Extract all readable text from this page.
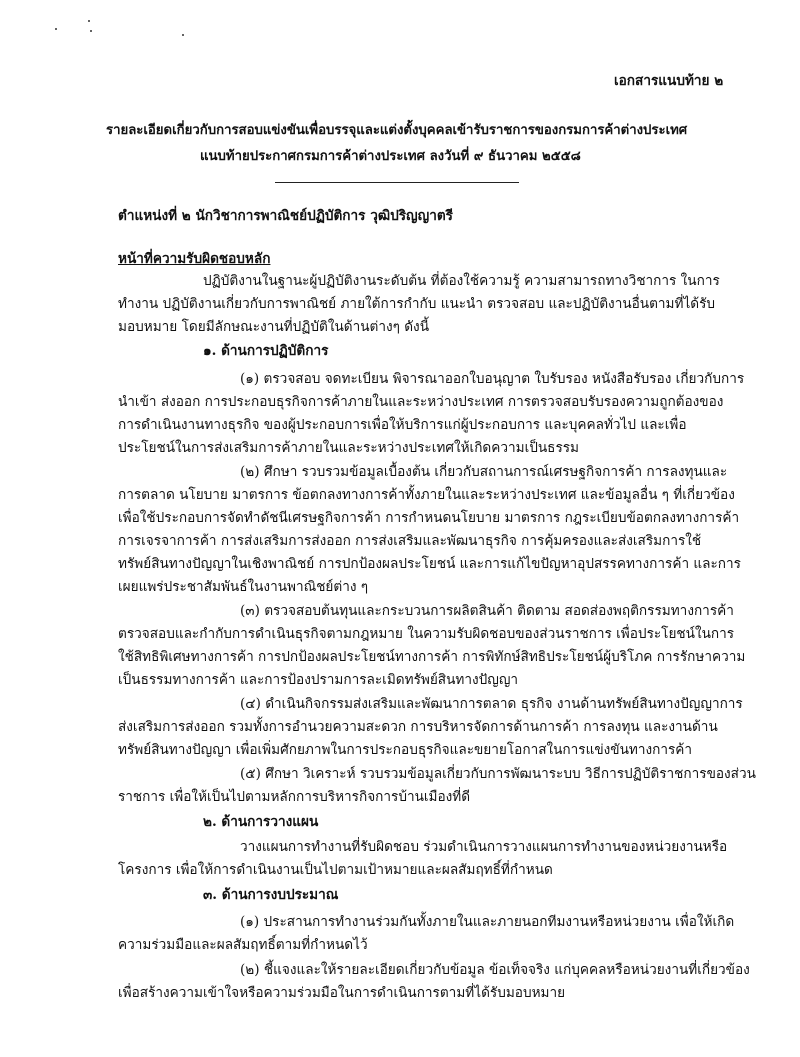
เอกสารแนบท้าย ๒
รายละเอียดเกี่ยวกับการสอบแข่งขันเพื่อบรรจุและแต่งตั้งบุคคลเข้ารับราชการของกรมการค้าต่างประเทศ
แนบท้ายประกาศกรมการค้าต่างประเทศ ลงวันที่ ๙ ธันวาคม ๒๕๕๘
ตำแหน่งที่ ๒ นักวิชาการพาณิชย์ปฏิบัติการ วุฒิปริญญาตรี
หน้าที่ความรับผิดชอบหลัก
ปฏิบัติงานในฐานะผู้ปฏิบัติงานระดับต้น ที่ต้องใช้ความรู้ ความสามารถทางวิชาการ ในการ
ทำงาน ปฏิบัติงานเกี่ยวกับการพาณิชย์ ภายใต้การกำกับ แนะนำ ตรวจสอบ และปฏิบัติงานอื่นตามที่ได้รับ
มอบหมาย โดยมีลักษณะงานที่ปฏิบัติในด้านต่างๆ ดังนี้
๑. ด้านการปฏิบัติการ
(๑) ตรวจสอบ จดทะเบียน พิจารณาออกใบอนุญาต ใบรับรอง หนังสือรับรอง เกี่ยวกับการ
นำเข้า ส่งออก การประกอบธุรกิจการค้าภายในและระหว่างประเทศ การตรวจสอบรับรองความถูกต้องของ
การดำเนินงานทางธุรกิจ ของผู้ประกอบการเพื่อให้บริการแก่ผู้ประกอบการ และบุคคลทั่วไป และเพื่อ
ประโยชน์ในการส่งเสริมการค้าภายในและระหว่างประเทศให้เกิดความเป็นธรรม
(๒) ศึกษา รวบรวมข้อมูลเบื้องต้น เกี่ยวกับสถานการณ์เศรษฐกิจการค้า การลงทุนและ
การตลาด นโยบาย มาตรการ ข้อตกลงทางการค้าทั้งภายในและระหว่างประเทศ และข้อมูลอื่น ๆ ที่เกี่ยวข้อง
เพื่อใช้ประกอบการจัดทำดัชนีเศรษฐกิจการค้า การกำหนดนโยบาย มาตรการ กฎระเบียบข้อตกลงทางการค้า
การเจรจาการค้า การส่งเสริมการส่งออก การส่งเสริมและพัฒนาธุรกิจ การคุ้มครองและส่งเสริมการใช้
ทรัพย์สินทางปัญญาในเชิงพาณิชย์ การปกป้องผลประโยชน์ และการแก้ไขปัญหาอุปสรรคทางการค้า และการ
เผยแพร่ประชาสัมพันธ์ในงานพาณิชย์ต่าง ๆ
(๓) ตรวจสอบต้นทุนและกระบวนการผลิตสินค้า ติดตาม สอดส่องพฤติกรรมทางการค้า
ตรวจสอบและกำกับการดำเนินธุรกิจตามกฎหมาย ในความรับผิดชอบของส่วนราชการ เพื่อประโยชน์ในการ
ใช้สิทธิพิเศษทางการค้า การปกป้องผลประโยชน์ทางการค้า การพิทักษ์สิทธิประโยชน์ผู้บริโภค การรักษาความ
เป็นธรรมทางการค้า และการป้องปรามการละเมิดทรัพย์สินทางปัญญา
(๔) ดำเนินกิจกรรมส่งเสริมและพัฒนาการตลาด ธุรกิจ งานด้านทรัพย์สินทางปัญญาการ
ส่งเสริมการส่งออก รวมทั้งการอำนวยความสะดวก การบริหารจัดการด้านการค้า การลงทุน และงานด้าน
ทรัพย์สินทางปัญญา เพื่อเพิ่มศักยภาพในการประกอบธุรกิจและขยายโอกาสในการแข่งขันทางการค้า
(๕) ศึกษา วิเคราะห์ รวบรวมข้อมูลเกี่ยวกับการพัฒนาระบบ วิธีการปฏิบัติราชการของส่วน
ราชการ เพื่อให้เป็นไปตามหลักการบริหารกิจการบ้านเมืองที่ดี
๒. ด้านการวางแผน
วางแผนการทำงานที่รับผิดชอบ ร่วมดำเนินการวางแผนการทำงานของหน่วยงานหรือ
โครงการ เพื่อให้การดำเนินงานเป็นไปตามเป้าหมายและผลสัมฤทธิ์ที่กำหนด
๓. ด้านการงบประมาณ
(๑) ประสานการทำงานร่วมกันทั้งภายในและภายนอกทีมงานหรือหน่วยงาน เพื่อให้เกิด
ความร่วมมือและผลสัมฤทธิ์ตามที่กำหนดไว้
(๒) ชี้แจงและให้รายละเอียดเกี่ยวกับข้อมูล ข้อเท็จจริง แก่บุคคลหรือหน่วยงานที่เกี่ยวข้อง
เพื่อสร้างความเข้าใจหรือความร่วมมือในการดำเนินการตามที่ได้รับมอบหมาย
